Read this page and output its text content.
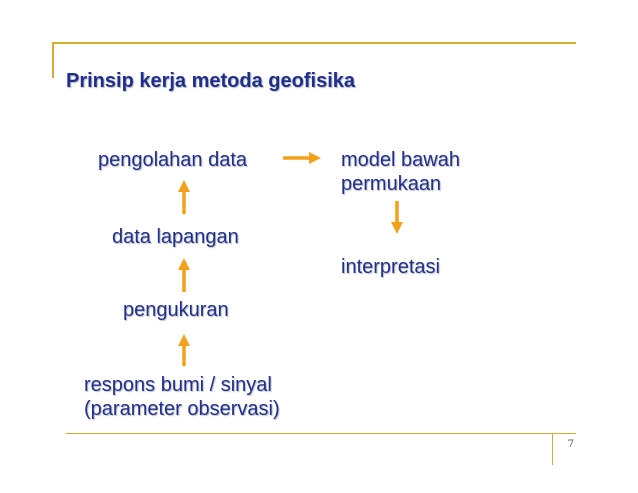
Prinsip kerja metoda geofisika
pengolahan data	model bawah
permukaan
data lapangan
interpretasi
pengukuran
respons bumi / sinyal
(parameter observasi)
7
